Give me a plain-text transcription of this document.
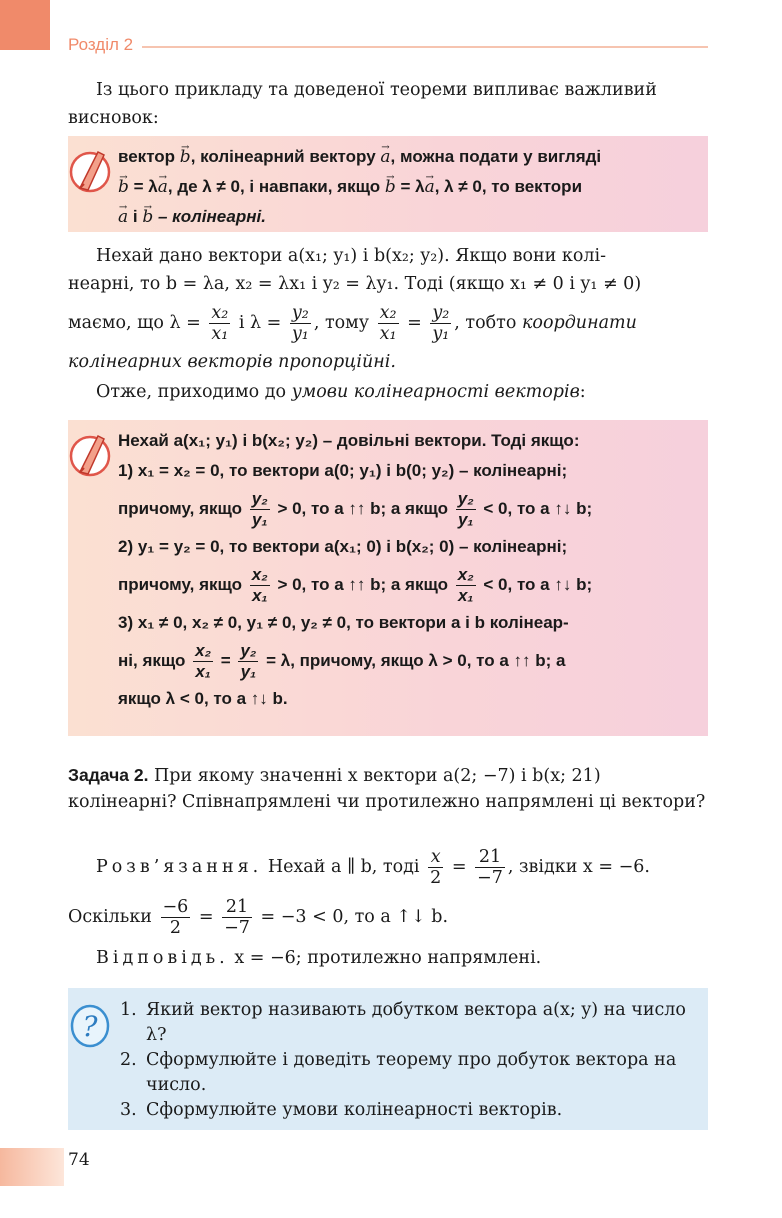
Розділ 2
Із цього прикладу та доведеної теореми випливає важливий висновок:
вектор → b, колінеарний вектору → a, можна подати у вигляді
→ b = λ→ a, де λ ≠ 0, і навпаки, якщо → b = λ→ a, λ ≠ 0, то вектори
→ a і → b – колінеарні.
Нехай дано вектори a(x₁; y₁) і b(x₂; y₂). Якщо вони колі-
неарні, то b = λa, x₂ = λx₁ і y₂ = λy₁. Тоді (якщо x₁ ≠ 0 і y₁ ≠ 0)
маємо, що $\lambda = \frac{\text{x₂}}{\text{x₁}}$ і $\lambda = \frac{\text{y₂}}{\text{y₁}}$ , тому $\frac{\text{x₂}}{\text{x₁}} = \frac{\text{y₂}}{\text{y₁}}$ , тобто координати
колінеарних векторів пропорційні.
Отже, приходимо до умови колінеарності векторів:
Нехай a(x₁; y₁) і b(x₂; y₂) – довільні вектори. Тоді якщо:
1) x₁ = x₂ = 0, то вектори a(0; y₁) і b(0; y₂) – колінеарні;
причому, якщо $\frac{\text{y₂}}{\text{y₁}} > 0$, то a ↑↑ b; а якщо $\frac{\text{y₂}}{\text{y₁}} < 0$, то a ↑↓ b;
2) y₁ = y₂ = 0, то вектори a(x₁; 0) і b(x₂; 0) – колінеарні;
причому, якщо $\frac{\text{x₂}}{\text{x₁}} > 0$, то a ↑↑ b; а якщо $\frac{\text{x₂}}{\text{x₁}} < 0$, то a ↑↓ b;
3) x₁ ≠ 0, x₂ ≠ 0, y₁ ≠ 0, y₂ ≠ 0, то вектори a і b колінеар-
ні, якщо $\frac{\text{x₂}}{\text{x₁}} = \frac{\text{y₂}}{\text{y₁}} = \lambda$, причому, якщо λ > 0, то a ↑↑ b; а
якщо λ < 0, то a ↑↓ b.
Задача 2. При якому значенні x вектори a(2; −7) і b(x; 21) колінеарні? Співнапрямлені чи протилежно напрямлені ці вектори?
Розв’язання. Нехай a ∥ b, тоді $\frac{x}{2} = \frac{21}{-7}$ , звідки x = −6.
Оскільки $\frac{-6}{2} = \frac{21}{-7} = -3 < 0$, то a ↑↓ b.
Відповідь. x = −6; протилежно напрямлені.
? 1. Який вектор називають добутком вектора a(x; y) на число λ?
2. Сформулюйте і доведіть теорему про добуток вектора на число.
3. Сформулюйте умови колінеарності векторів.
74
